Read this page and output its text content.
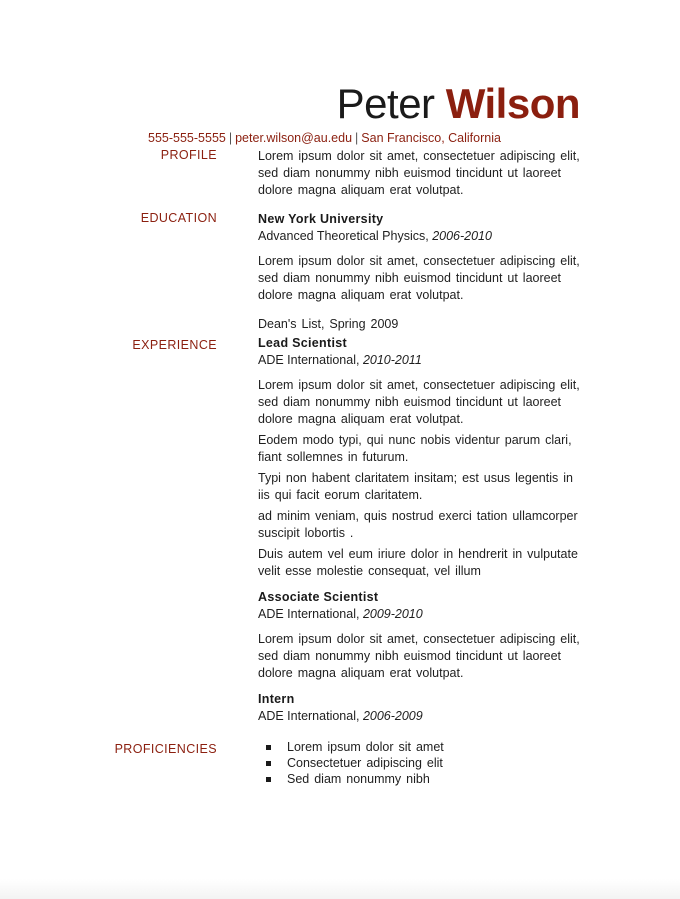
Peter Wilson
555-555-5555 | peter.wilson@au.edu | San Francisco, California
PROFILE	Lorem ipsum dolor sit amet, consectetuer adipiscing elit, sed diam nonummy nibh euismod tincidunt ut laoreet dolore magna aliquam erat volutpat.

EDUCATION	New York University
Advanced Theoretical Physics, 2006-2010

Lorem ipsum dolor sit amet, consectetuer adipiscing elit, sed diam nonummy nibh euismod tincidunt ut laoreet dolore magna aliquam erat volutpat.

Dean's List, Spring 2009

EXPERIENCE	Lead Scientist
ADE International, 2010-2011

Lorem ipsum dolor sit amet, consectetuer adipiscing elit, sed diam nonummy nibh euismod tincidunt ut laoreet dolore magna aliquam erat volutpat.

Eodem modo typi, qui nunc nobis videntur parum clari, fiant sollemnes in futurum.

Typi non habent claritatem insitam; est usus legentis in iis qui facit eorum claritatem.

ad minim veniam, quis nostrud exerci tation ullamcorper suscipit lobortis .

Duis autem vel eum iriure dolor in hendrerit in vulputate velit esse molestie consequat, vel illum

Associate Scientist
ADE International, 2009-2010

Lorem ipsum dolor sit amet, consectetuer adipiscing elit, sed diam nonummy nibh euismod tincidunt ut laoreet dolore magna aliquam erat volutpat.

Intern
ADE International, 2006-2009
PROFICIENCIES	Lorem ipsum dolor sit amet
Consectetuer adipiscing elit
Sed diam nonummy nibh
